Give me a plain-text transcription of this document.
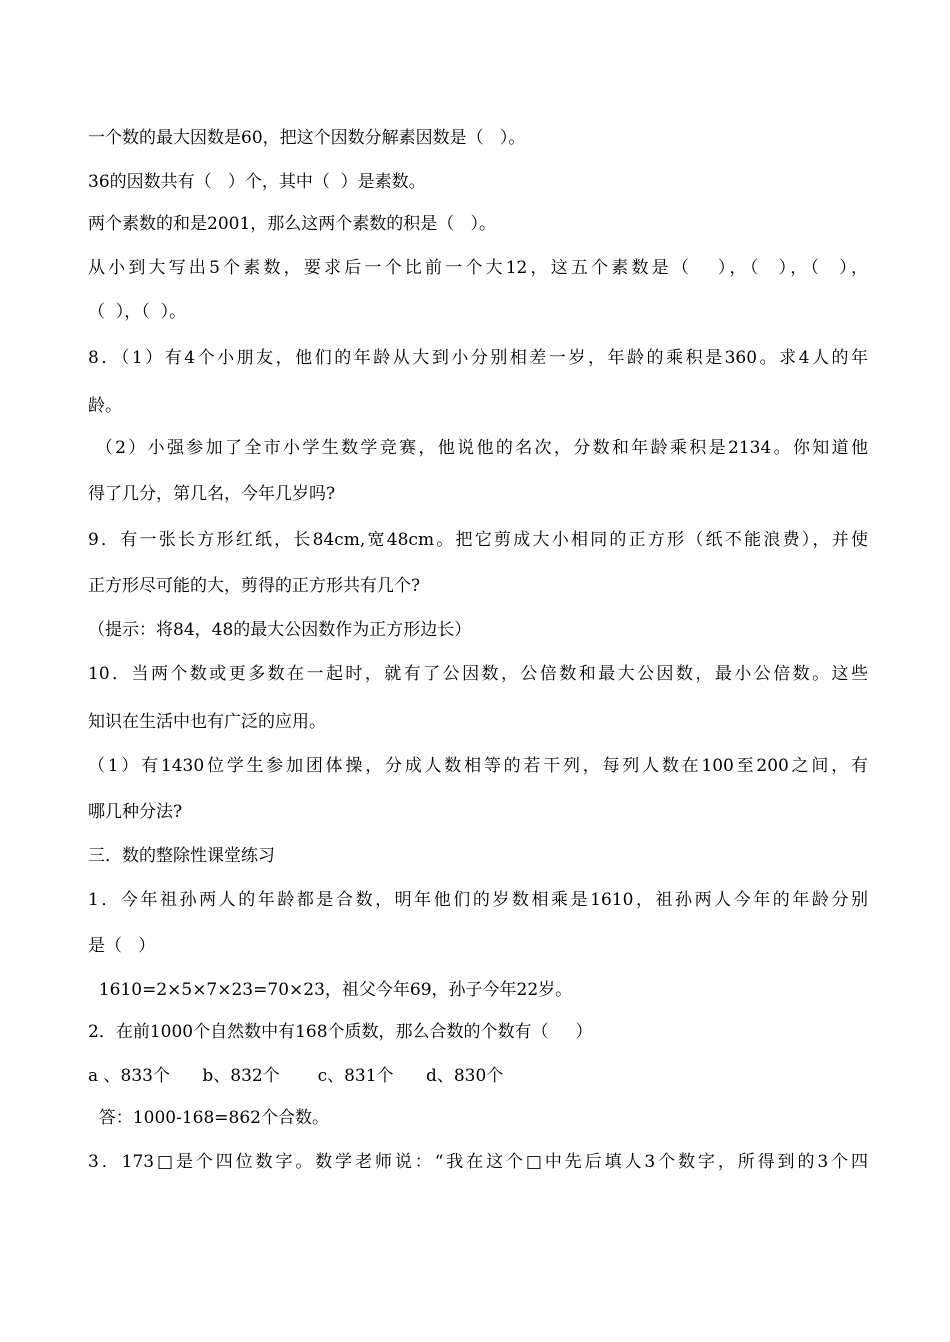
一个数的最大因数是60，把这个因数分解素因数是（   ）。
36的因数共有（   ）个，其中（  ）是素数。
两个素数的和是2001，那么这两个素数的积是（   ）。
从小到大写出5个素数，要求后一个比前一个大12，这五个素数是（   ），（  ），（  ），
（  ），（  ）。
8．（1）有4个小朋友，他们的年龄从大到小分别相差一岁，年龄的乘积是360。求4人的年
龄。
（2）小强参加了全市小学生数学竞赛，他说他的名次，分数和年龄乘积是2134。你知道他
得了几分，第几名，今年几岁吗?
9．有一张长方形红纸，长84cm,宽48cm。把它剪成大小相同的正方形（纸不能浪费），并使
正方形尽可能的大，剪得的正方形共有几个?
（提示：将84，48的最大公因数作为正方形边长）
10．当两个数或更多数在一起时，就有了公因数，公倍数和最大公因数，最小公倍数。这些
知识在生活中也有广泛的应用。
（1）有1430位学生参加团体操，分成人数相等的若干列，每列人数在100至200之间，有
哪几种分法?
三．数的整除性课堂练习
1．今年祖孙两人的年龄都是合数，明年他们的岁数相乘是1610，祖孙两人今年的年龄分别
是（   ）
1610=2×5×7×23=70×23，祖父今年69，孙子今年22岁。
2．在前1000个自然数中有168个质数，那么合数的个数有（     ）
a 、833个      b、832个       c、831个      d、830个
答：1000-168=862个合数。
3．173□是个四位数字。数学老师说：“我在这个□中先后填人3个数字，所得到的3个四
